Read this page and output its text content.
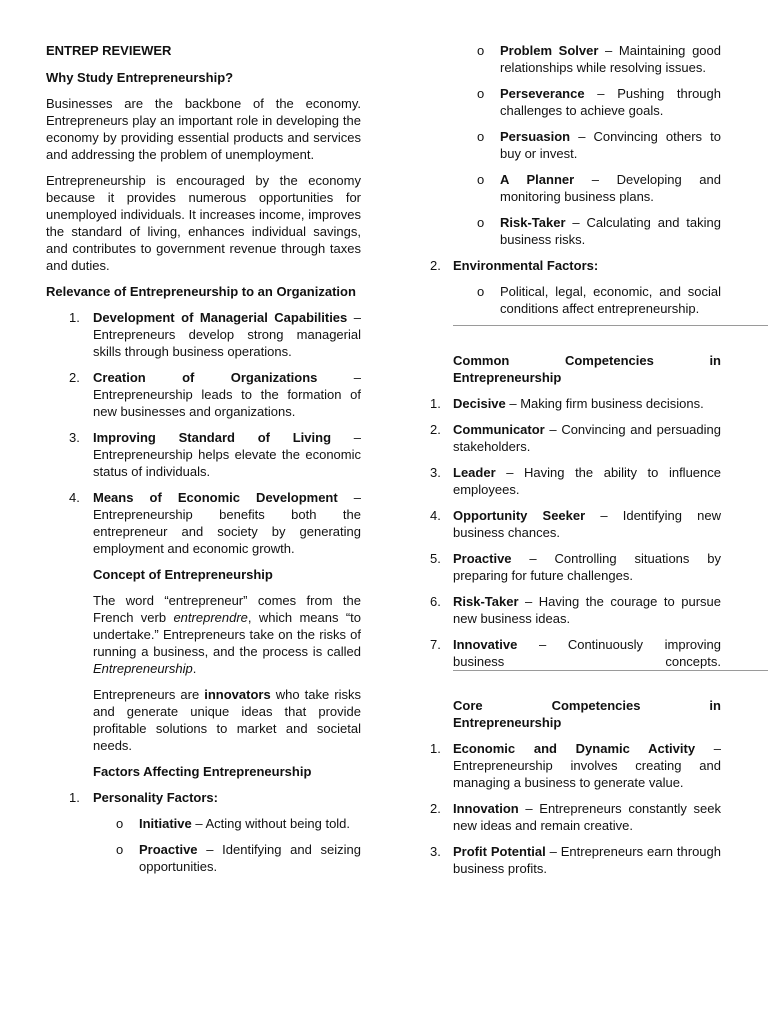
ENTREP REVIEWER

Why Study Entrepreneurship?

Businesses are the backbone of the economy. Entrepreneurs play an important role in developing the economy by providing essential products and services and addressing the problem of unemployment.

Entrepreneurship is encouraged by the economy because it provides numerous opportunities for unemployed individuals. It increases income, improves the standard of living, enhances individual savings, and contributes to government revenue through taxes and duties.

Relevance of Entrepreneurship to an Organization

1. Development of Managerial Capabilities – Entrepreneurs develop strong managerial skills through business operations.
2. Creation of Organizations – Entrepreneurship leads to the formation of new businesses and organizations.
3. Improving Standard of Living – Entrepreneurship helps elevate the economic status of individuals.
4. Means of Economic Development – Entrepreneurship benefits both the entrepreneur and society by generating employment and economic growth.

Concept of Entrepreneurship

The word “entrepreneur” comes from the French verb entreprendre, which means “to undertake.” Entrepreneurs take on the risks of running a business, and the process is called Entrepreneurship.

Entrepreneurs are innovators who take risks and generate unique ideas that provide profitable solutions to market and societal needs.

Factors Affecting Entrepreneurship

1. Personality Factors:
o Initiative – Acting without being told.
o Proactive – Identifying and seizing opportunities.
o Problem Solver – Maintaining good relationships while resolving issues.
o Perseverance – Pushing through challenges to achieve goals.
o Persuasion – Convincing others to buy or invest.
o A Planner – Developing and monitoring business plans.
o Risk-Taker – Calculating and taking business risks.
2. Environmental Factors:
o Political, legal, economic, and social conditions affect entrepreneurship.
Common Competencies in
Entrepreneurship
1. Decisive – Making firm business decisions.
2. Communicator – Convincing and persuading stakeholders.
3. Leader – Having the ability to influence employees.
4. Opportunity Seeker – Identifying new business chances.
5. Proactive – Controlling situations by preparing for future challenges.
6. Risk-Taker – Having the courage to pursue new business ideas.
7. Innovative – Continuously improving business concepts.
Core Competencies in
Entrepreneurship
1. Economic and Dynamic Activity – Entrepreneurship involves creating and managing a business to generate value.
2. Innovation – Entrepreneurs constantly seek new ideas and remain creative.
3. Profit Potential – Entrepreneurs earn through business profits.
